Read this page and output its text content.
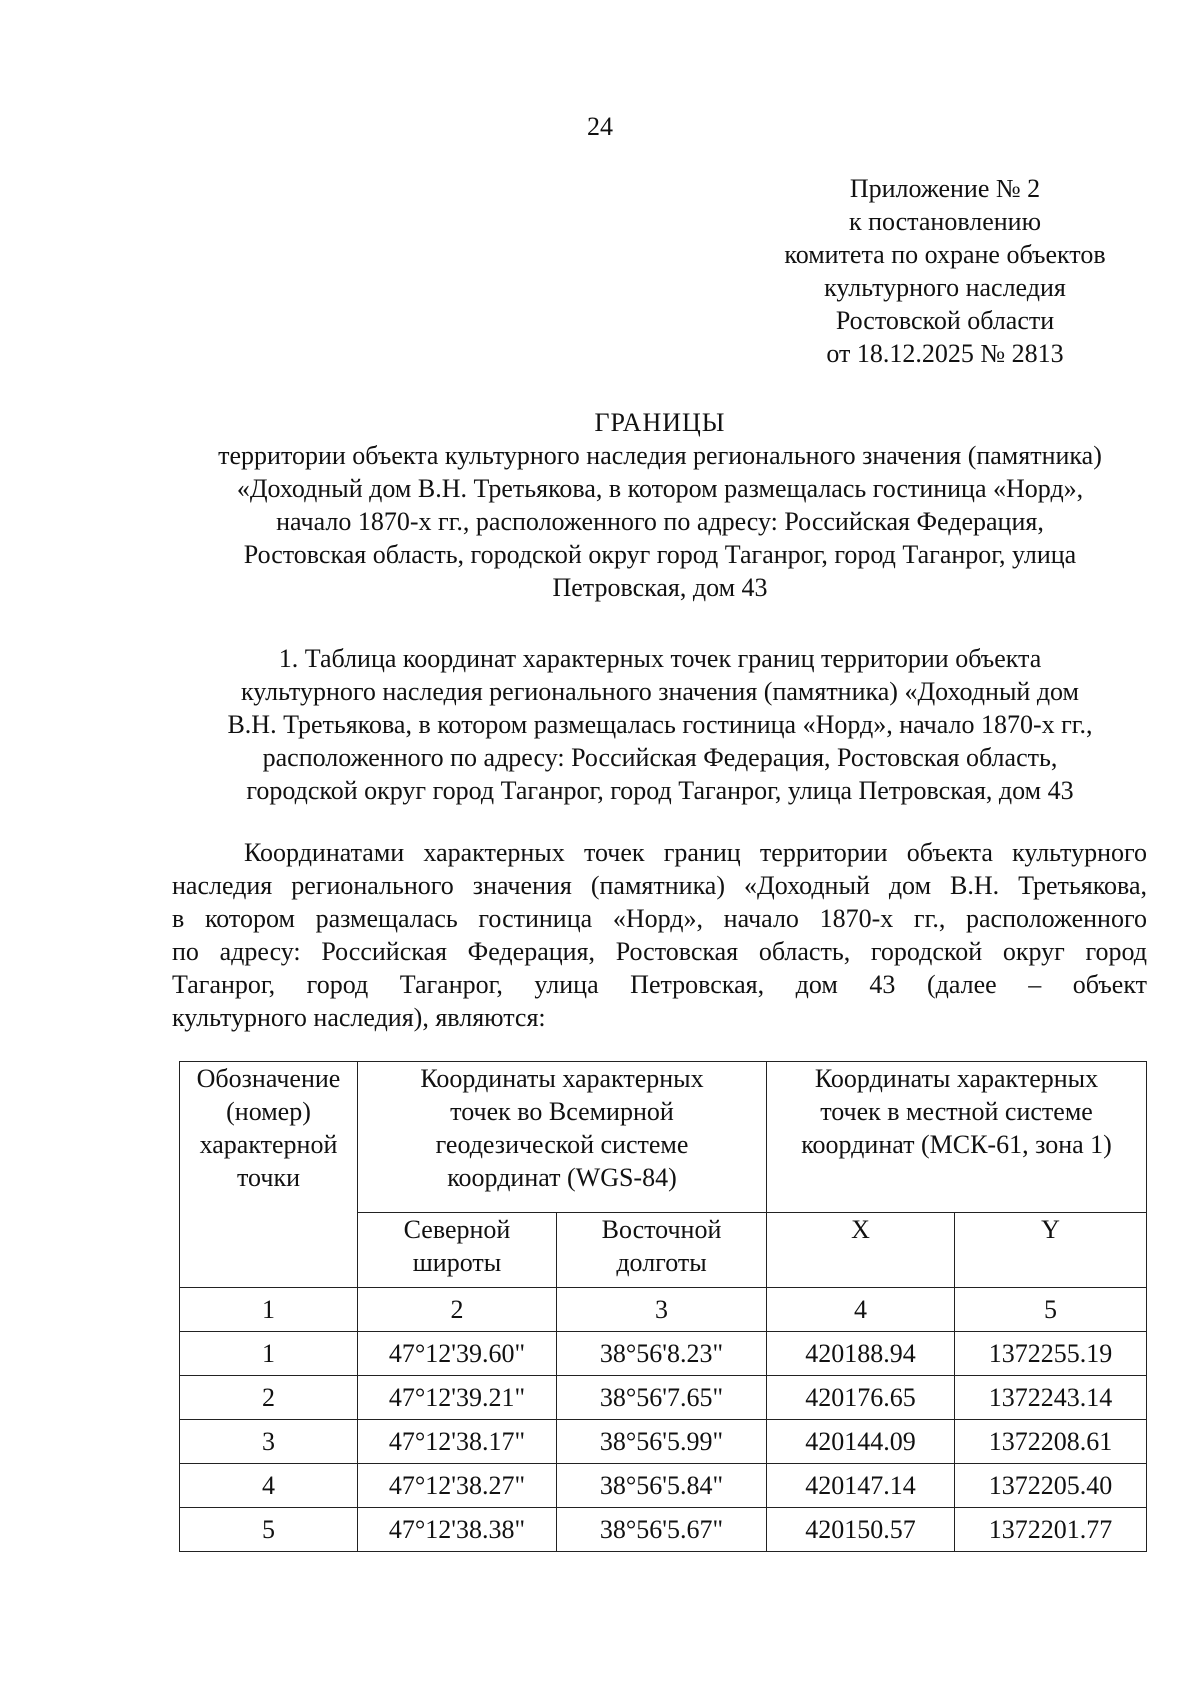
24
Приложение № 2
к постановлению
комитета по охране объектов
культурного наследия
Ростовской области
от 18.12.2025 № 2813
ГРАНИЦЫ
территории объекта культурного наследия регионального значения (памятника)
«Доходный дом В.Н. Третьякова, в котором размещалась гостиница «Норд»,
начало 1870-х гг., расположенного по адресу: Российская Федерация,
Ростовская область, городской округ город Таганрог, город Таганрог, улица
Петровская, дом 43
1. Таблица координат характерных точек границ территории объекта
культурного наследия регионального значения (памятника) «Доходный дом
В.Н. Третьякова, в котором размещалась гостиница «Норд», начало 1870-х гг.,
расположенного по адресу: Российская Федерация, Ростовская область,
городской округ город Таганрог, город Таганрог, улица Петровская, дом 43
Координатами характерных точек границ территории объекта культурного
наследия регионального значения (памятника) «Доходный дом В.Н. Третьякова,
в котором размещалась гостиница «Норд», начало 1870-х гг., расположенного
по адресу: Российская Федерация, Ростовская область, городской округ город
Таганрог, город Таганрог, улица Петровская, дом 43 (далее – объект
культурного наследия), являются:
Обозначение
(номер)
характерной
точки	Координаты характерных
точек во Всемирной
геодезической системе
координат (WGS-84)		Координаты характерных
точек в местной системе
координат (МСК-61, зона 1)	

	Северной
широты	Восточной
долготы	X	Y
1	2	3	4	5
1	47°12'39.60"	38°56'8.23"	420188.94	1372255.19
2	47°12'39.21"	38°56'7.65"	420176.65	1372243.14
3	47°12'38.17"	38°56'5.99"	420144.09	1372208.61
4	47°12'38.27"	38°56'5.84"	420147.14	1372205.40
5	47°12'38.38"	38°56'5.67"	420150.57	1372201.77
